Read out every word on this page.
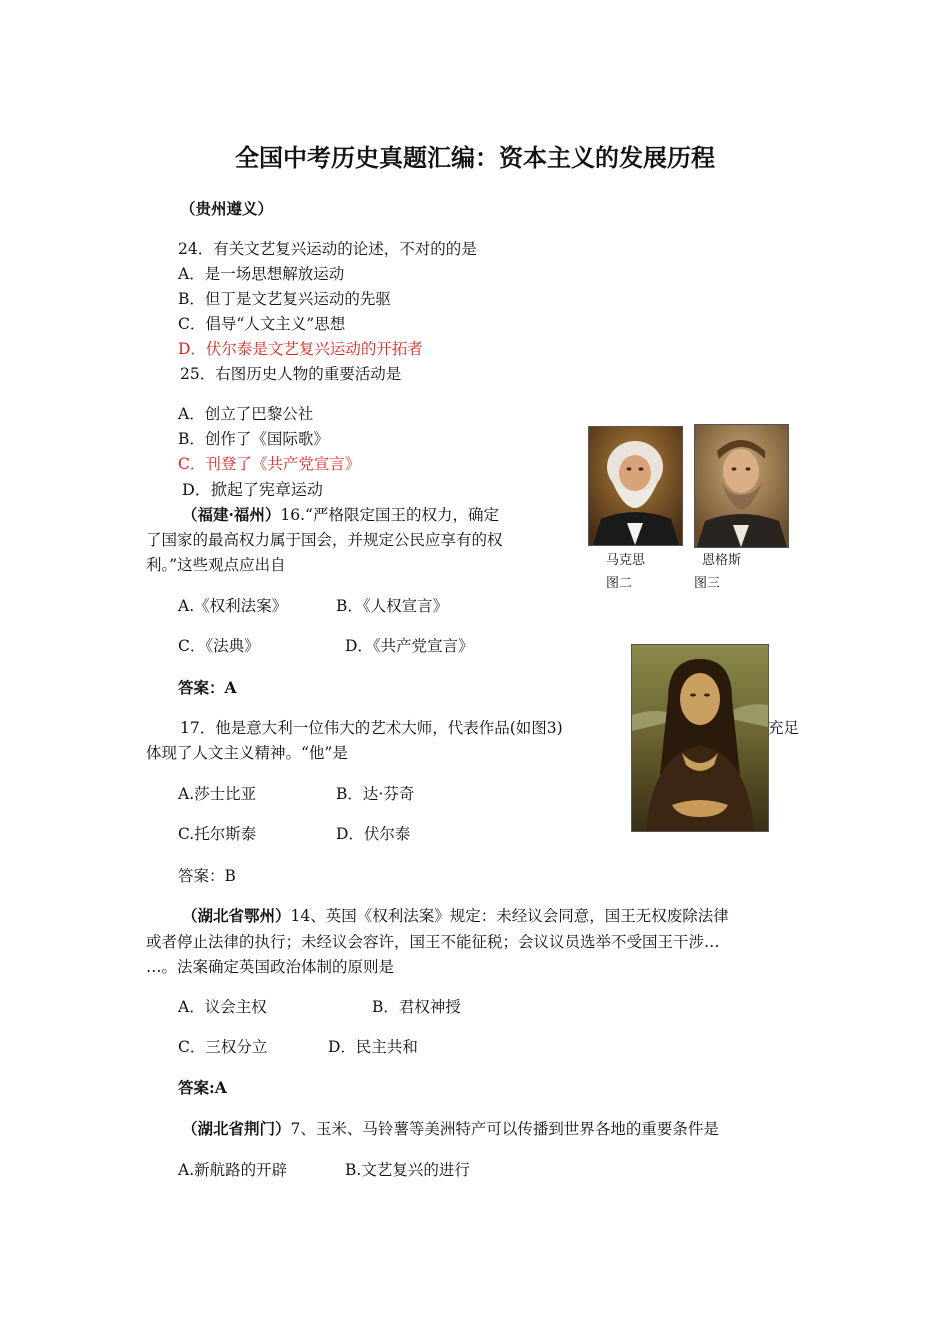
全国中考历史真题汇编：资本主义的发展历程
（贵州遵义）
24．有关文艺复兴运动的论述，不对的的是
A．是一场思想解放运动
B．但丁是文艺复兴运动的先驱
C．倡导“人文主义”思想
D．伏尔泰是文艺复兴运动的开拓者
25．右图历史人物的重要活动是
A．创立了巴黎公社
B．创作了《国际歌》
C．刊登了《共产党宣言》
D．掀起了宪章运动
马克思
图二
恩格斯
图三
（福建·福州）16.“严格限定国王的权力，确定
了国家的最高权力属于国会，并规定公民应享有的权
利。”这些观点应出自
A.《权利法案》	B．《人权宣言》
C．《法典》	D．《共产党宣言》
答案：A
17．他是意大利一位伟大的艺术大师，代表作品(如图3)	充足
体现了人文主义精神。“他”是
A.莎士比亚	B．达·芬奇
C.托尔斯泰	D．伏尔泰
答案：B
（湖北省鄂州）14、英国《权利法案》规定：未经议会同意，国王无权废除法律
或者停止法律的执行；未经议会容许，国王不能征税；会议议员选举不受国王干涉…
…。法案确定英国政治体制的原则是
A．议会主权	B．君权神授
C．三权分立	D．民主共和
答案:A
（湖北省荆门）7、玉米、马铃薯等美洲特产可以传播到世界各地的重要条件是
A.新航路的开辟	B.文艺复兴的进行
